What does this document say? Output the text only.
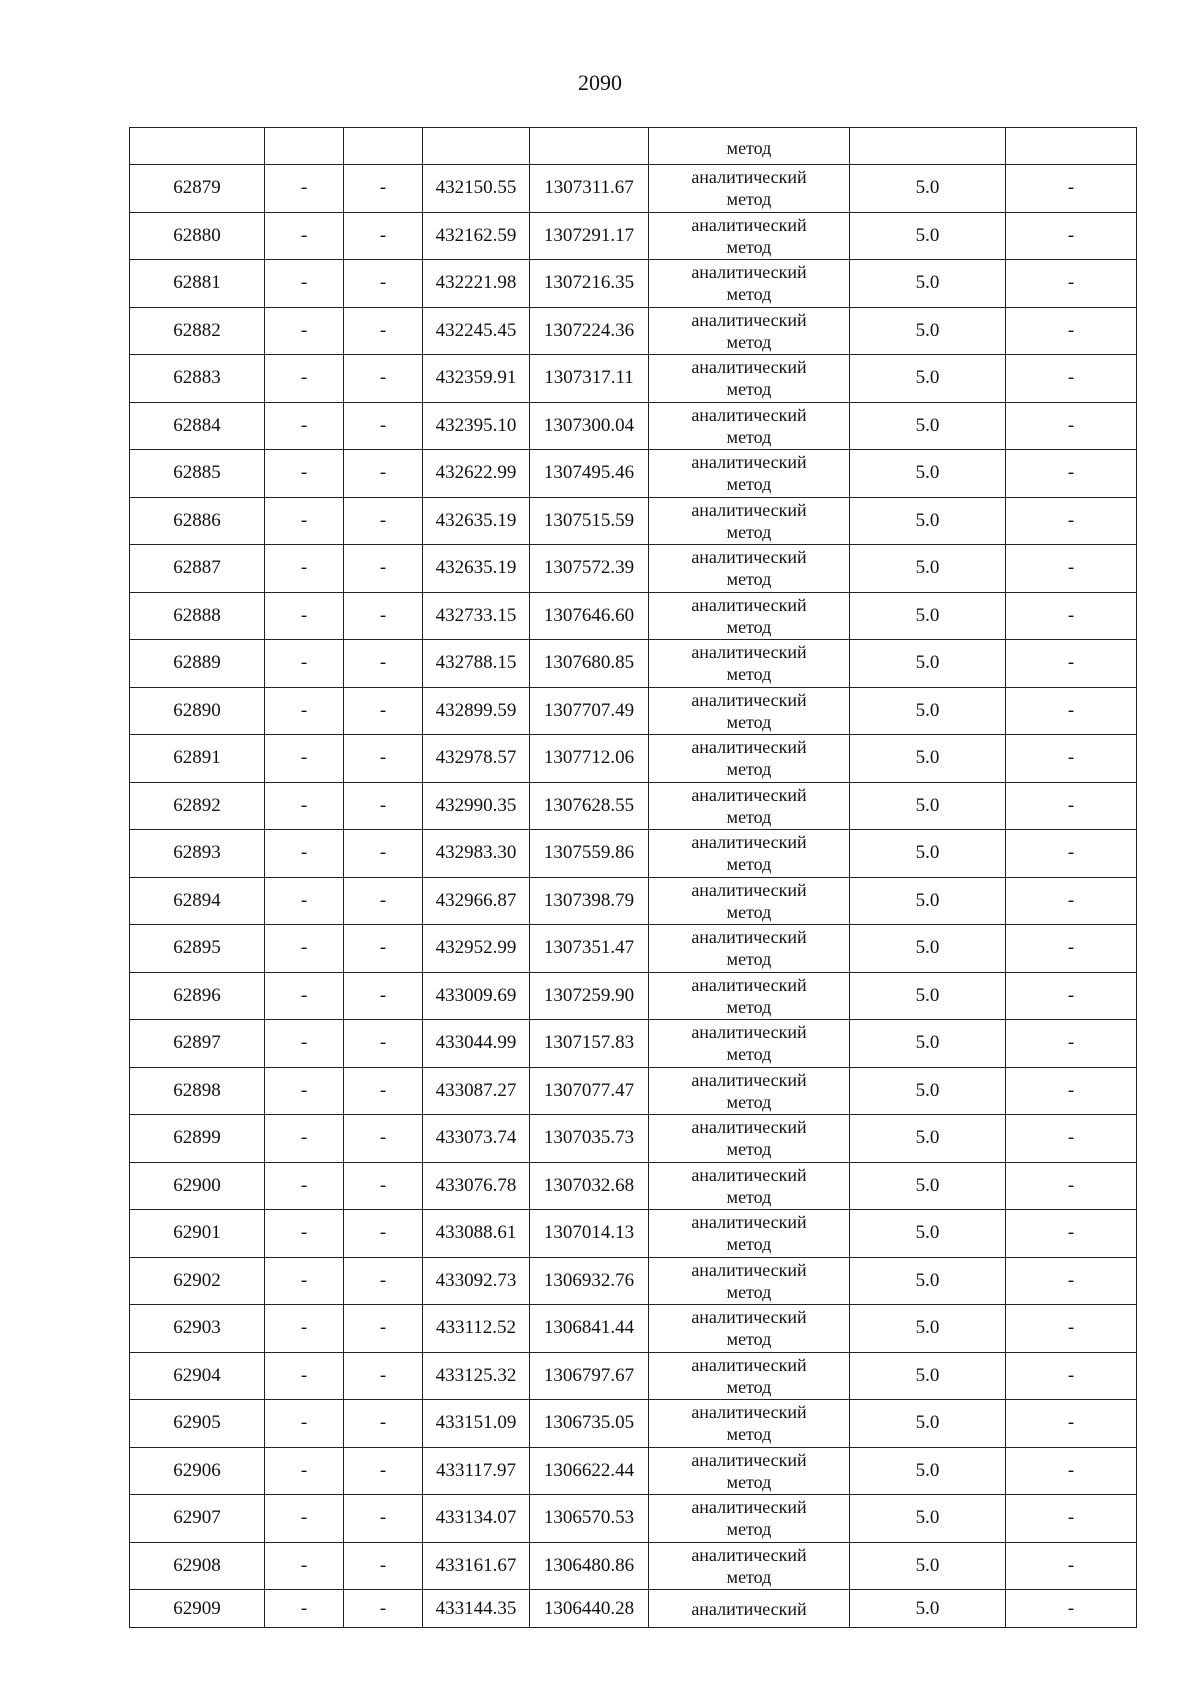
2090

					метод		

62879	-	-	432150.55	1307311.67	аналитический
метод	5.0	-
62880	-	-	432162.59	1307291.17	аналитический
метод	5.0	-
62881	-	-	432221.98	1307216.35	аналитический
метод	5.0	-
62882	-	-	432245.45	1307224.36	аналитический
метод	5.0	-
62883	-	-	432359.91	1307317.11	аналитический
метод	5.0	-
62884	-	-	432395.10	1307300.04	аналитический
метод	5.0	-
62885	-	-	432622.99	1307495.46	аналитический
метод	5.0	-
62886	-	-	432635.19	1307515.59	аналитический
метод	5.0	-
62887	-	-	432635.19	1307572.39	аналитический
метод	5.0	-
62888	-	-	432733.15	1307646.60	аналитический
метод	5.0	-
62889	-	-	432788.15	1307680.85	аналитический
метод	5.0	-
62890	-	-	432899.59	1307707.49	аналитический
метод	5.0	-
62891	-	-	432978.57	1307712.06	аналитический
метод	5.0	-
62892	-	-	432990.35	1307628.55	аналитический
метод	5.0	-
62893	-	-	432983.30	1307559.86	аналитический
метод	5.0	-
62894	-	-	432966.87	1307398.79	аналитический
метод	5.0	-
62895	-	-	432952.99	1307351.47	аналитический
метод	5.0	-
62896	-	-	433009.69	1307259.90	аналитический
метод	5.0	-
62897	-	-	433044.99	1307157.83	аналитический
метод	5.0	-
62898	-	-	433087.27	1307077.47	аналитический
метод	5.0	-
62899	-	-	433073.74	1307035.73	аналитический
метод	5.0	-
62900	-	-	433076.78	1307032.68	аналитический
метод	5.0	-
62901	-	-	433088.61	1307014.13	аналитический
метод	5.0	-
62902	-	-	433092.73	1306932.76	аналитический
метод	5.0	-
62903	-	-	433112.52	1306841.44	аналитический
метод	5.0	-
62904	-	-	433125.32	1306797.67	аналитический
метод	5.0	-
62905	-	-	433151.09	1306735.05	аналитический
метод	5.0	-
62906	-	-	433117.97	1306622.44	аналитический
метод	5.0	-
62907	-	-	433134.07	1306570.53	аналитический
метод	5.0	-
62908	-	-	433161.67	1306480.86	аналитический
метод	5.0	-
62909	-	-	433144.35	1306440.28	аналитический	5.0	-
